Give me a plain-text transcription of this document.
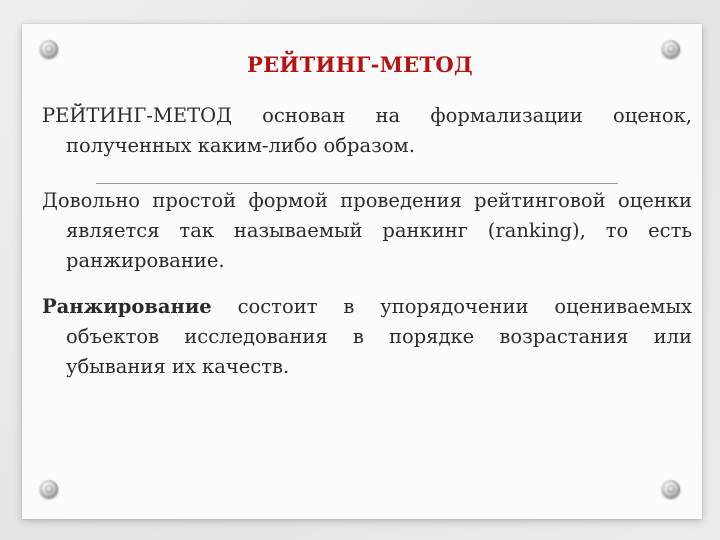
РЕЙТИНГ-МЕТОД
РЕЙТИНГ-МЕТОД основан на формализации оценок, полученных каким-либо образом.
Довольно простой формой проведения рейтинговой оценки является так называемый ранкинг (ranking), то есть ранжирование.
Ранжирование состоит в упорядочении оцениваемых объектов исследования в порядке возрастания или убывания их качеств.
